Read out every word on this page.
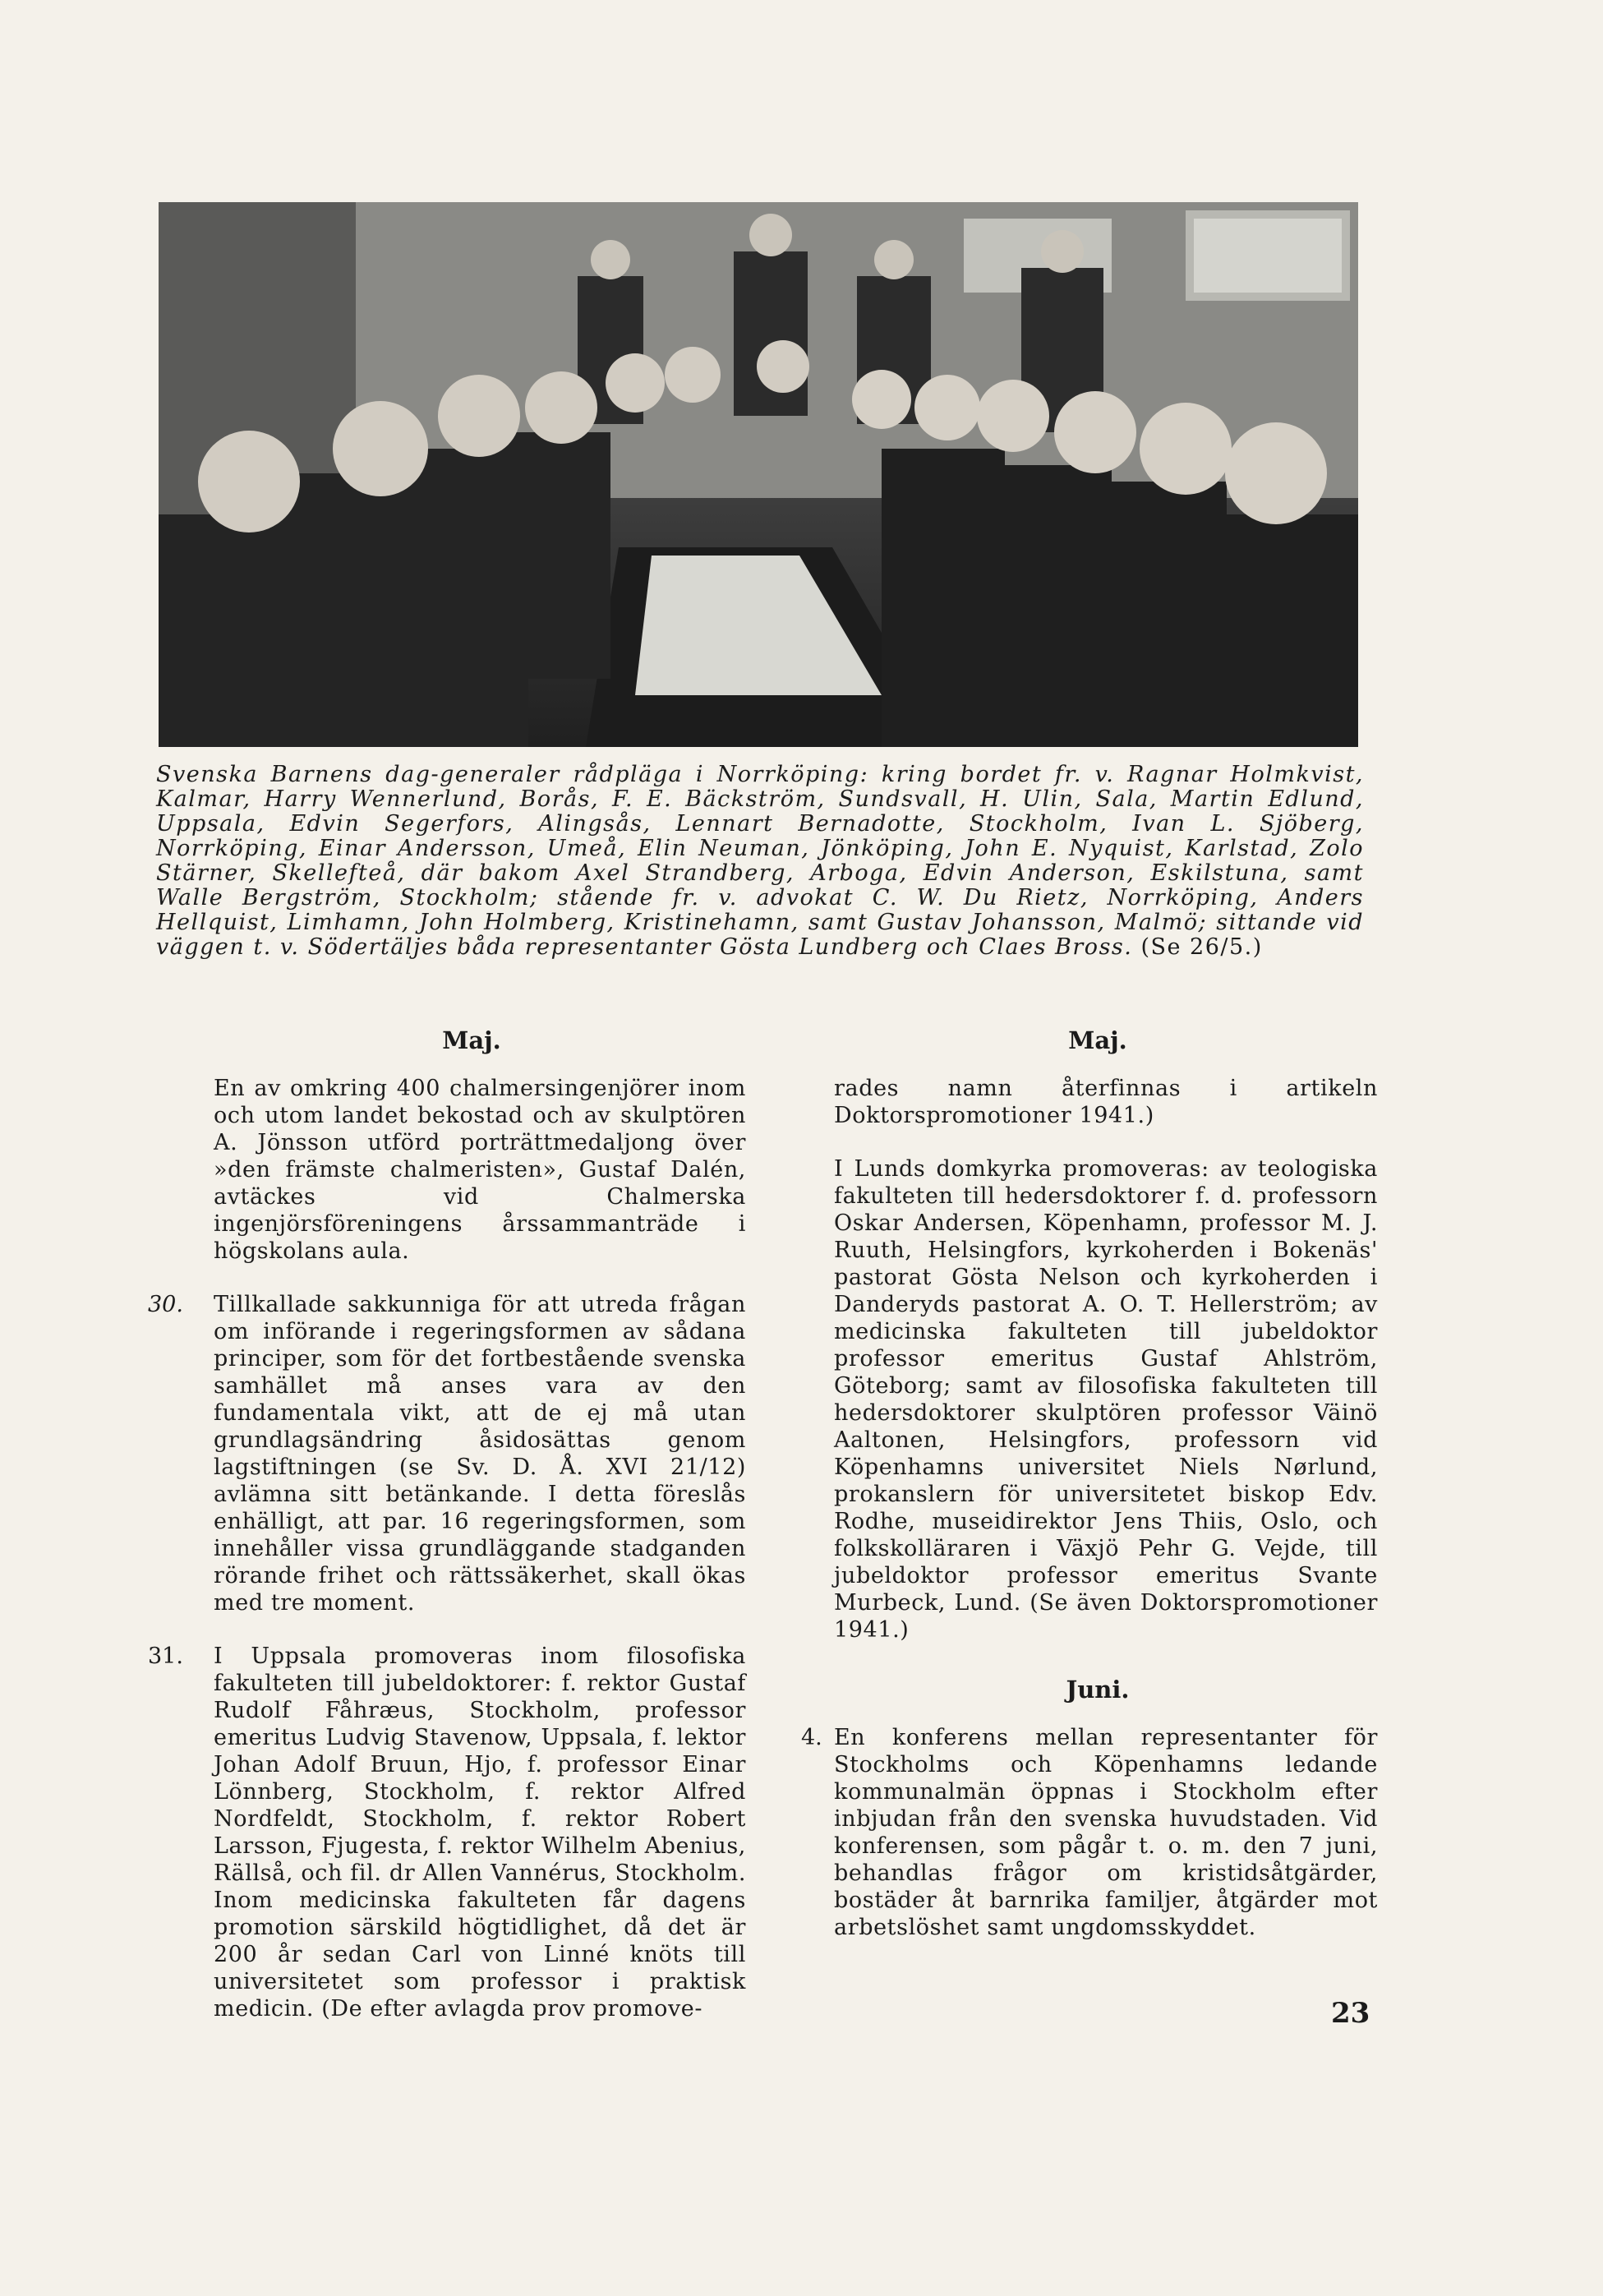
Svenska Barnens dag-generaler rådpläga i Norrköping: kring bordet fr. v. Ragnar Holmkvist, Kalmar, Harry Wennerlund, Borås, F. E. Bäckström, Sundsvall, H. Ulin, Sala, Martin Edlund, Uppsala, Edvin Segerfors, Alingsås, Lennart Bernadotte, Stockholm, Ivan L. Sjöberg, Norrköping, Einar Andersson, Umeå, Elin Neuman, Jönköping, John E. Nyquist, Karlstad, Zolo Stärner, Skellefteå, där bakom Axel Strandberg, Arboga, Edvin Anderson, Eskilstuna, samt Walle Bergström, Stockholm; stående fr. v. advokat C. W. Du Rietz, Norrköping, Anders Hellquist, Limhamn, John Holmberg, Kristinehamn, samt Gustav Johansson, Malmö; sittande vid väggen t. v. Södertäljes båda representanter Gösta Lundberg och Claes Bross. (Se 26/5.)

Maj.

En av omkring 400 chalmersingenjörer inom och utom landet bekostad och av skulptören A. Jönsson utförd porträttmedaljong över »den främste chalmeristen», Gustaf Dalén, avtäckes vid Chalmerska ingenjörsföreningens årssammanträde i högskolans aula.

30. Tillkallade sakkunniga för att utreda frågan om införande i regeringsformen av sådana principer, som för det fortbestående svenska samhället må anses vara av den fundamentala vikt, att de ej må utan grundlagsändring åsidosättas genom lagstiftningen (se Sv. D. Å. XVI 21/12) avlämna sitt betänkande. I detta föreslås enhälligt, att par. 16 regeringsformen, som innehåller vissa grundläggande stadganden rörande frihet och rättssäkerhet, skall ökas med tre moment.

31. I Uppsala promoveras inom filosofiska fakulteten till jubeldoktorer: f. rektor Gustaf Rudolf Fåhræus, Stockholm, professor emeritus Ludvig Stavenow, Uppsala, f. lektor Johan Adolf Bruun, Hjo, f. professor Einar Lönnberg, Stockholm, f. rektor Alfred Nordfeldt, Stockholm, f. rektor Robert Larsson, Fjugesta, f. rektor Wilhelm Abenius, Rällså, och fil. dr Allen Vannérus, Stockholm. Inom medicinska fakulteten får dagens promotion särskild högtidlighet, då det är 200 år sedan Carl von Linné knöts till universitetet som professor i praktisk medicin. (De efter avlagda prov promove-

Maj.

rades namn återfinnas i artikeln Doktorspromotioner 1941.)

I Lunds domkyrka promoveras: av teologiska fakulteten till hedersdoktorer f. d. professorn Oskar Andersen, Köpenhamn, professor M. J. Ruuth, Helsingfors, kyrkoherden i Bokenäs' pastorat Gösta Nelson och kyrkoherden i Danderyds pastorat A. O. T. Hellerström; av medicinska fakulteten till jubeldoktor professor emeritus Gustaf Ahlström, Göteborg; samt av filosofiska fakulteten till hedersdoktorer skulptören professor Väinö Aaltonen, Helsingfors, professorn vid Köpenhamns universitet Niels Nørlund, prokanslern för universitetet biskop Edv. Rodhe, museidirektor Jens Thiis, Oslo, och folkskolläraren i Växjö Pehr G. Vejde, till jubeldoktor professor emeritus Svante Murbeck, Lund. (Se även Doktorspromotioner 1941.)

Juni.
4. En konferens mellan representanter för Stockholms och Köpenhamns ledande kommunalmän öppnas i Stockholm efter inbjudan från den svenska huvudstaden. Vid konferensen, som pågår t. o. m. den 7 juni, behandlas frågor om kristidsåtgärder, bostäder åt barnrika familjer, åtgärder mot arbetslöshet samt ungdomsskyddet.

23
